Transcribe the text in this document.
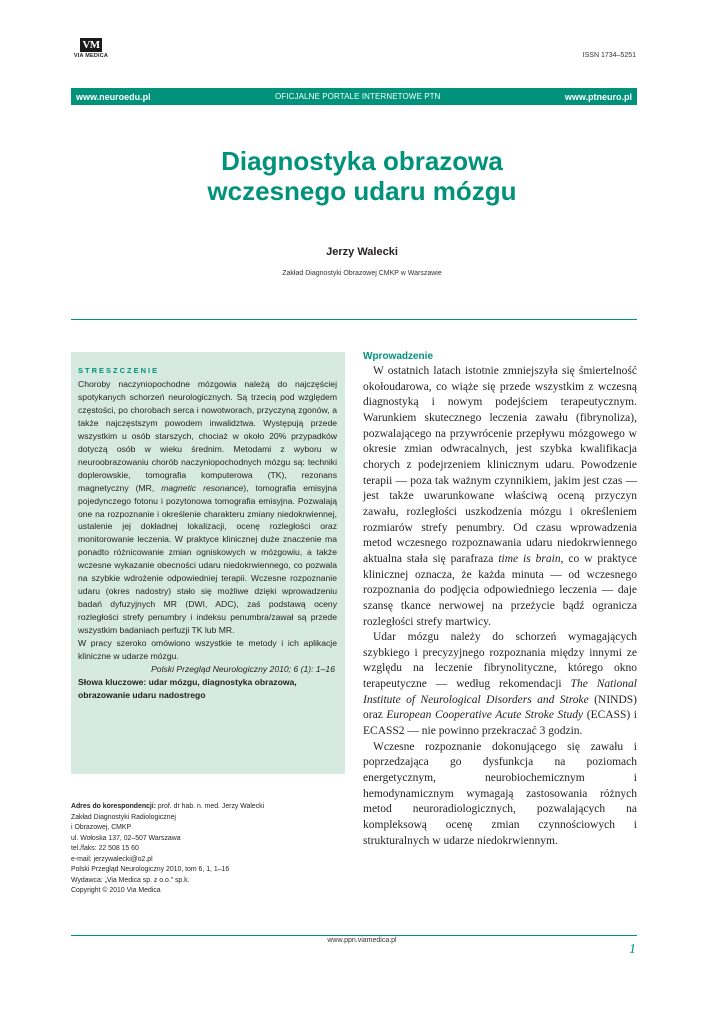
VM
VIA MEDICA	ISSN 1734–5251
www.neuroedu.pl	OFICJALNE PORTALE INTERNETOWE PTN	www.ptneuro.pl
Diagnostyka obrazowa
wczesnego udaru mózgu
Jerzy Walecki
Zakład Diagnostyki Obrazowej CMKP w Warszawie
STRESZCZENIE

Choroby naczyniopochodne mózgowia należą do najczęściej spotykanych schorzeń neurologicznych. Są trzecią pod względem częstości, po chorobach serca i nowotworach, przyczyną zgonów, a także najczęstszym powodem inwalidztwa. Występują przede wszystkim u osób starszych, chociaż w około 20% przypadków dotyczą osób w wieku średnim. Metodami z wyboru w neuroobrazowaniu chorób naczyniopochodnych mózgu są: techniki doplerowskie, tomografia komputerowa (TK), rezonans magnetyczny (MR, magnetic resonance), tomografia emisyjna pojedynczego fotonu i pozytonowa tomografia emisyjna. Pozwalają one na rozpoznanie i określenie charakteru zmiany niedokrwiennej, ustalenie jej dokładnej lokalizacji, ocenę rozległości oraz monitorowanie leczenia. W praktyce klinicznej duże znaczenie ma ponadto różnicowanie zmian ogniskowych w mózgowiu, a także wczesne wykazanie obecności udaru niedokrwiennego, co pozwala na szybkie wdrożenie odpowiedniej terapii. Wczesne rozpoznanie udaru (okres nadostry) stało się możliwe dzięki wprowadzeniu badań dyfuzyjnych MR (DWI, ADC), zaś podstawą oceny rozległości strefy penumbry i indeksu penumbra/zawał są przede wszystkim badaniach perfuzji TK lub MR.

W pracy szeroko omówiono wszystkie te metody i ich aplikacje kliniczne w udarze mózgu.

Polski Przegląd Neurologiczny 2010; 6 (1): 1–16
Słowa kluczowe: udar mózgu, diagnostyka obrazowa, obrazowanie udaru nadostrego
Adres do korespondencji: prof. dr hab. n. med. Jerzy Walecki
Zakład Diagnostyki Radiologicznej
i Obrazowej, CMKP
ul. Wołoska 137, 02–507 Warszawa
tel./faks: 22 508 15 60
e-mail: jerzywalecki@o2.pl
Polski Przegląd Neurologiczny 2010, tom 6, 1, 1–16
Wydawca: „Via Medica sp. z o.o.” sp.k.
Copyright © 2010 Via Medica
Wprowadzenie

W ostatnich latach istotnie zmniejszyła się śmiertelność okołoudarowa, co wiąże się przede wszystkim z wczesną diagnostyką i nowym podejściem terapeutycznym. Warunkiem skutecznego leczenia zawału (fibrynoliza), pozwalającego na przywrócenie przepływu mózgowego w okresie zmian odwracalnych, jest szybka kwalifikacja chorych z podejrzeniem klinicznym udaru. Powodzenie terapii — poza tak ważnym czynnikiem, jakim jest czas — jest także uwarunkowane właściwą oceną przyczyn zawału, rozległości uszkodzenia mózgu i określeniem rozmiarów strefy penumbry. Od czasu wprowadzenia metod wczesnego rozpoznawania udaru niedokrwiennego aktualna stała się parafraza time is brain, co w praktyce klinicznej oznacza, że każda minuta — od wczesnego rozpoznania do podjęcia odpowiedniego leczenia — daje szansę tkance nerwowej na przeżycie bądź ogranicza rozległości strefy martwicy.

Udar mózgu należy do schorzeń wymagających szybkiego i precyzyjnego rozpoznania między innymi ze względu na leczenie fibrynolityczne, którego okno terapeutyczne — według rekomendacji The National Institute of Neurological Disorders and Stroke (NINDS) oraz European Cooperative Acute Stroke Study (ECASS) i ECASS2 — nie powinno przekraczać 3 godzin.

Wczesne rozpoznanie dokonującego się zawału i poprzedzająca go dysfunkcja na poziomach energetycznym, neurobiochemicznym i hemodynamicznym wymagają zastosowania różnych metod neuroradiologicznych, pozwalających na kompleksową ocenę zmian czynnościowych i strukturalnych w udarze niedokrwiennym.

www.ppn.viamedica.pl
1
